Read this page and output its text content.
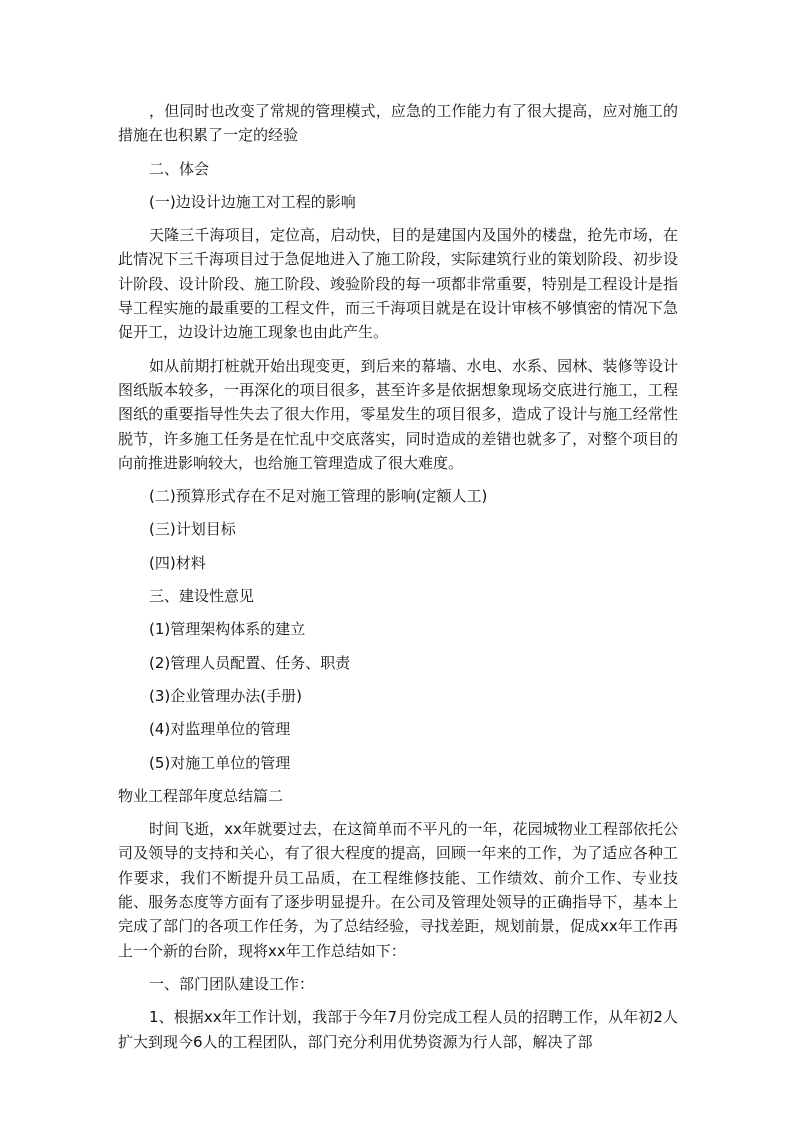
，但同时也改变了常规的管理模式，应急的工作能力有了很大提高，应对施工的措施在也积累了一定的经验

二、体会

(一)边设计边施工对工程的影响

天隆三千海项目，定位高，启动快，目的是建国内及国外的楼盘，抢先市场，在此情况下三千海项目过于急促地进入了施工阶段，实际建筑行业的策划阶段、初步设计阶段、设计阶段、施工阶段、竣验阶段的每一项都非常重要，特别是工程设计是指导工程实施的最重要的工程文件，而三千海项目就是在设计审核不够慎密的情况下急促开工，边设计边施工现象也由此产生。

如从前期打桩就开始出现变更，到后来的幕墙、水电、水系、园林、装修等设计图纸版本较多，一再深化的项目很多，甚至许多是依据想象现场交底进行施工，工程图纸的重要指导性失去了很大作用，零星发生的项目很多，造成了设计与施工经常性脱节，许多施工任务是在忙乱中交底落实，同时造成的差错也就多了，对整个项目的向前推进影响较大，也给施工管理造成了很大难度。

(二)预算形式存在不足对施工管理的影响(定额人工)

(三)计划目标

(四)材料

三、建设性意见

(1)管理架构体系的建立

(2)管理人员配置、任务、职责

(3)企业管理办法(手册)

(4)对监理单位的管理

(5)对施工单位的管理

物业工程部年度总结篇二

时间飞逝，xx年就要过去，在这简单而不平凡的一年，花园城物业工程部依托公司及领导的支持和关心，有了很大程度的提高，回顾一年来的工作，为了适应各种工作要求，我们不断提升员工品质，在工程维修技能、工作绩效、前介工作、专业技能、服务态度等方面有了逐步明显提升。在公司及管理处领导的正确指导下，基本上完成了部门的各项工作任务，为了总结经验，寻找差距，规划前景，促成xx年工作再上一个新的台阶，现将xx年工作总结如下：

一、部门团队建设工作：

1、根据xx年工作计划，我部于今年7月份完成工程人员的招聘工作，从年初2人扩大到现今6人的工程团队，部门充分利用优势资源为行人部，解决了部
